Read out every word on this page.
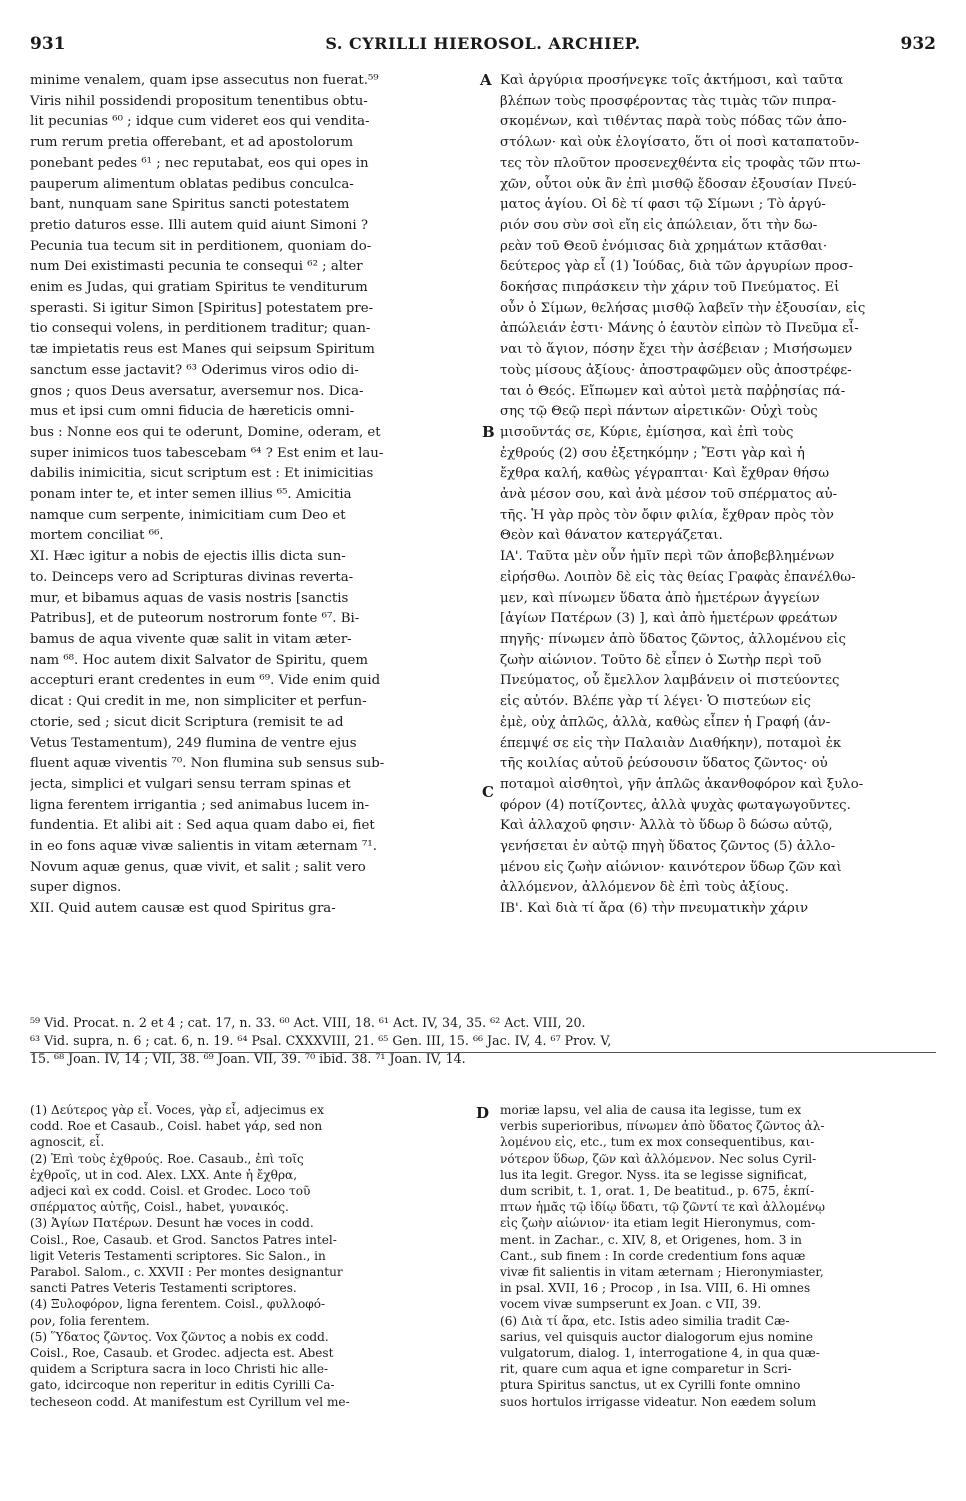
931	S. CYRILLI HIEROSOL. ARCHIEP.	932
minime venalem, quam ipse assecutus non fuerat.⁵⁹
Viris nihil possidendi propositum tenentibus obtu-
lit pecunias ⁶⁰ ; idque cum videret eos qui vendita-
rum rerum pretia offerebant, et ad apostolorum
ponebant pedes ⁶¹ ; nec reputabat, eos qui opes in
pauperum alimentum oblatas pedibus conculca-
bant, nunquam sane Spiritus sancti potestatem
pretio daturos esse. Illi autem quid aiunt Simoni ?
Pecunia tua tecum sit in perditionem, quoniam do-
num Dei existimasti pecunia te consequi ⁶² ; alter
enim es Judas, qui gratiam Spiritus te venditurum
sperasti. Si igitur Simon [Spiritus] potestatem pre-
tio consequi volens, in perditionem traditur; quan-
tæ impietatis reus est Manes qui seipsum Spiritum
sanctum esse jactavit? ⁶³ Oderimus viros odio di-
gnos ; quos Deus aversatur, aversemur nos. Dica-
mus et ipsi cum omni fiducia de hæreticis omni-
bus : Nonne eos qui te oderunt, Domine, oderam, et
super inimicos tuos tabescebam ⁶⁴ ? Est enim et lau-
dabilis inimicitia, sicut scriptum est : Et inimicitias
ponam inter te, et inter semen illius ⁶⁵. Amicitia
namque cum serpente, inimicitiam cum Deo et
mortem conciliat ⁶⁶.
XI. Hæc igitur a nobis de ejectis illis dicta sun-
to. Deinceps vero ad Scripturas divinas reverta-
mur, et bibamus aquas de vasis nostris [sanctis
Patribus], et de puteorum nostrorum fonte ⁶⁷. Bi-
bamus de aqua vivente quæ salit in vitam æter-
nam ⁶⁸. Hoc autem dixit Salvator de Spiritu, quem
accepturi erant credentes in eum ⁶⁹. Vide enim quid
dicat : Qui credit in me, non simpliciter et perfun-
ctorie, sed ; sicut dicit Scriptura (remisit te ad
Vetus Testamentum), 249 flumina de ventre ejus
fluent aquæ viventis ⁷⁰. Non flumina sub sensus sub-
jecta, simplici et vulgari sensu terram spinas et
ligna ferentem irrigantia ; sed animabus lucem in-
fundentia. Et alibi ait : Sed aqua quam dabo ei, fiet
in eo fons aquæ vivæ salientis in vitam æternam ⁷¹.
Novum aquæ genus, quæ vivit, et salit ; salit vero
super dignos.
XII. Quid autem causæ est quod Spiritus gra-
Καὶ ἀργύρια προσήνεγκε τοῖς ἀκτήμοσι, καὶ ταῦτα
βλέπων τοὺς προσφέροντας τὰς τιμὰς τῶν πιπρα-
σκομένων, καὶ τιθέντας παρὰ τοὺς πόδας τῶν ἀπο-
στόλων· καὶ οὐκ ἐλογίσατο, ὅτι οἱ ποσὶ καταπατοῦν-
τες τὸν πλοῦτον προσενεχθέντα εἰς τροφὰς τῶν πτω-
χῶν, οὗτοι οὐκ ἂν ἐπὶ μισθῷ ἔδοσαν ἐξουσίαν Πνεύ-
ματος ἁγίου. Οἱ δὲ τί φασι τῷ Σίμωνι ; Τὸ ἀργύ-
ριόν σου σὺν σοὶ εἴη εἰς ἀπώλειαν, ὅτι τὴν δω-
ρεὰν τοῦ Θεοῦ ἐνόμισας διὰ χρημάτων κτᾶσθαι·
δεύτερος γὰρ εἶ (1) Ἰούδας, διὰ τῶν ἀργυρίων προσ-
δοκήσας πιπράσκειν τὴν χάριν τοῦ Πνεύματος. Εἰ
οὖν ὁ Σίμων, θελήσας μισθῷ λαβεῖν τὴν ἐξουσίαν, εἰς
ἀπώλειάν ἐστι· Μάνης ὁ ἑαυτὸν εἰπὼν τὸ Πνεῦμα εἶ-
ναι τὸ ἅγιον, πόσην ἔχει τὴν ἀσέβειαν ; Μισήσωμεν
τοὺς μίσους ἀξίους· ἀποστραφῶμεν οὓς ἀποστρέφε-
ται ὁ Θεός. Εἴπωμεν καὶ αὐτοὶ μετὰ παῤῥησίας πά-
σης τῷ Θεῷ περὶ πάντων αἱρετικῶν· Οὐχὶ τοὺς
μισοῦντάς σε, Κύριε, ἐμίσησα, καὶ ἐπὶ τοὺς
ἐχθρούς (2) σου ἐξετηκόμην ; Ἔστι γὰρ καὶ ἡ
ἔχθρα καλή, καθὼς γέγραπται· Καὶ ἔχθραν θήσω
ἀνὰ μέσον σου, καὶ ἀνὰ μέσον τοῦ σπέρματος αὐ-
τῆς. Ἡ γὰρ πρὸς τὸν ὄφιν φιλία, ἔχθραν πρὸς τὸν
Θεὸν καὶ θάνατον κατεργάζεται.
ΙΑ'. Ταῦτα μὲν οὖν ἡμῖν περὶ τῶν ἀποβεβλημένων
εἰρήσθω. Λοιπὸν δὲ εἰς τὰς θείας Γραφὰς ἐπανέλθω-
μεν, καὶ πίνωμεν ὕδατα ἀπὸ ἡμετέρων ἀγγείων
[ἁγίων Πατέρων (3) ], καὶ ἀπὸ ἡμετέρων φρεάτων
πηγῆς· πίνωμεν ἀπὸ ὕδατος ζῶντος, ἀλλομένου εἰς
ζωὴν αἰώνιον. Τοῦτο δὲ εἶπεν ὁ Σωτὴρ περὶ τοῦ
Πνεύματος, οὗ ἔμελλον λαμβάνειν οἱ πιστεύοντες
εἰς αὐτόν. Βλέπε γὰρ τί λέγει· Ὁ πιστεύων εἰς
ἐμὲ, οὐχ ἁπλῶς, ἀλλὰ, καθὼς εἶπεν ἡ Γραφή (ἀν-
έπεμψέ σε εἰς τὴν Παλαιὰν Διαθήκην), ποταμοὶ ἐκ
τῆς κοιλίας αὐτοῦ ῥεύσουσιν ὕδατος ζῶντος· οὐ
ποταμοὶ αἰσθητοὶ, γῆν ἁπλῶς ἀκανθοφόρον καὶ ξυλο-
φόρον (4) ποτίζοντες, ἀλλὰ ψυχὰς φωταγωγοῦντες.
Καὶ ἀλλαχοῦ φησιν· Ἀλλὰ τὸ ὕδωρ ὃ δώσω αὐτῷ,
γενήσεται ἐν αὐτῷ πηγὴ ὕδατος ζῶντος (5) ἀλλο-
μένου εἰς ζωὴν αἰώνιον· καινότερον ὕδωρ ζῶν καὶ
ἀλλόμενον, ἀλλόμενον δὲ ἐπὶ τοὺς ἀξίους.
ΙΒ'. Καὶ διὰ τί ἄρα (6) τὴν πνευματικὴν χάριν
A
B
C
D
⁵⁹ Vid. Procat. n. 2 et 4 ; cat. 17, n. 33. ⁶⁰ Act. VIII, 18. ⁶¹ Act. IV, 34, 35. ⁶² Act. VIII, 20.
⁶³ Vid. supra, n. 6 ; cat. 6, n. 19. ⁶⁴ Psal. CXXXVIII, 21. ⁶⁵ Gen. III, 15. ⁶⁶ Jac. IV, 4. ⁶⁷ Prov. V,
15. ⁶⁸ Joan. IV, 14 ; VII, 38. ⁶⁹ Joan. VII, 39. ⁷⁰ ibid. 38. ⁷¹ Joan. IV, 14.
(1) Δεύτερος γὰρ εἶ. Voces, γὰρ εἶ, adjecimus ex
codd. Roe et Casaub., Coisl. habet γάρ, sed non
agnoscit, εἶ.
(2) Ἐπὶ τοὺς ἐχθρούς. Roe. Casaub., ἐπὶ τοῖς
ἐχθροῖς, ut in cod. Alex. LXX. Ante ἡ ἔχθρα,
adjeci καὶ ex codd. Coisl. et Grodec. Loco τοῦ
σπέρματος αὐτῆς, Coisl., habet, γυναικός.
(3) Ἁγίων Πατέρων. Desunt hæ voces in codd.
Coisl., Roe, Casaub. et Grod. Sanctos Patres intel-
ligit Veteris Testamenti scriptores. Sic Salon., in
Parabol. Salom., c. XXVII : Per montes designantur
sancti Patres Veteris Testamenti scriptores.
(4) Ξυλοφόρον, ligna ferentem. Coisl., φυλλοφό-
ρον, folia ferentem.
(5) Ὕδατος ζῶντος. Vox ζῶντος a nobis ex codd.
Coisl., Roe, Casaub. et Grodec. adjecta est. Abest
quidem a Scriptura sacra in loco Christi hic alle-
gato, idcircoque non reperitur in editis Cyrilli Ca-
techeseon codd. At manifestum est Cyrillum vel me-
moriæ lapsu, vel alia de causa ita legisse, tum ex
verbis superioribus, πίνωμεν ἀπὸ ὕδατος ζῶντος ἀλ-
λομένου εἰς, etc., tum ex mox consequentibus, και-
νότερον ὕδωρ, ζῶν καὶ ἀλλόμενον. Nec solus Cyril-
lus ita legit. Gregor. Nyss. ita se legisse significat,
dum scribit, t. 1, orat. 1, De beatitud., p. 675, ἐκπί-
πτων ἡμᾶς τῷ ἰδίῳ ὕδατι, τῷ ζῶντί τε καὶ ἀλλομένῳ
εἰς ζωὴν αἰώνιον· ita etiam legit Hieronymus, com-
ment. in Zachar., c. XIV, 8, et Origenes, hom. 3 in
Cant., sub finem : In corde credentium fons aquæ
vivæ fit salientis in vitam æternam ; Hieronymiaster,
in psal. XVII, 16 ; Procop , in Isa. VIII, 6. Hi omnes
vocem vivæ sumpserunt ex Joan. c VII, 39.
(6) Διὰ τί ἄρα, etc. Istis adeo similia tradit Cæ-
sarius, vel quisquis auctor dialogorum ejus nomine
vulgatorum, dialog. 1, interrogatione 4, in qua quæ-
rit, quare cum aqua et igne comparetur in Scri-
ptura Spiritus sanctus, ut ex Cyrilli fonte omnino
suos hortulos irrigasse videatur. Non eædem solum
